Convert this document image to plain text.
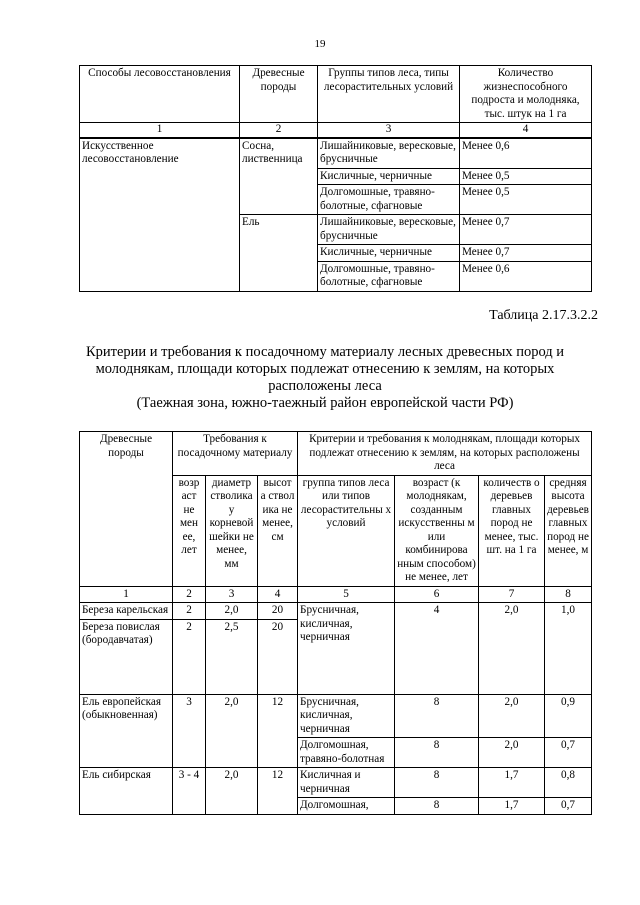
19
Способы лесовосстановления	Древесные породы	Группы типов леса, типы лесорастительных условий	Количество жизнеспособного подроста и молодняка, тыс. штук на 1 га
1	2	3	4
Искусственное лесовосстановление	Сосна, лиственница	Лишайниковые, вересковые, брусничные	Менее 0,6
		Кисличные, черничные	Менее 0,5
		Долгомошные, травяно-болотные, сфагновые	Менее 0,5
	Ель	Лишайниковые, вересковые, брусничные	Менее 0,7
		Кисличные, черничные	Менее 0,7
		Долгомошные, травяно-болотные, сфагновые	Менее 0,6
Таблица 2.17.3.2.2
Критерии и требования к посадочному материалу лесных древесных пород и
молоднякам, площади которых подлежат отнесению к землям, на которых
расположены леса
(Таежная зона, южно-таежный район европейской части РФ)
Древесные породы	Требования к посадочному материалу			Критерии и требования к молоднякам, площади которых подлежат отнесению к землям, на которых расположены леса			
	возр аст не мен ее, лет	диаметр стволика у корневой шейки не менее, мм	высот а ствол ика не менее, см	группа типов леса или типов лесорастительны х условий	возраст (к молоднякам, созданным искусственны м или комбинирова нным способом) не менее, лет	количеств о деревьев главных пород не менее, тыс. шт. на 1 га	средняя высота деревьев главных пород не менее, м
1	2	3	4	5	6	7	8
Береза карельская	2	2,0	20	Брусничная, кисличная, черничная	4	2,0	1,0
Береза повислая (бородавчатая)	2	2,5	20				
Ель европейская (обыкновенная)	3	2,0	12	Брусничная, кисличная, черничная	8	2,0	0,9
				Долгомошная, травяно-болотная	8	2,0	0,7
Ель сибирская	3 - 4	2,0	12	Кисличная и черничная	8	1,7	0,8
				Долгомошная,	8	1,7	0,7
